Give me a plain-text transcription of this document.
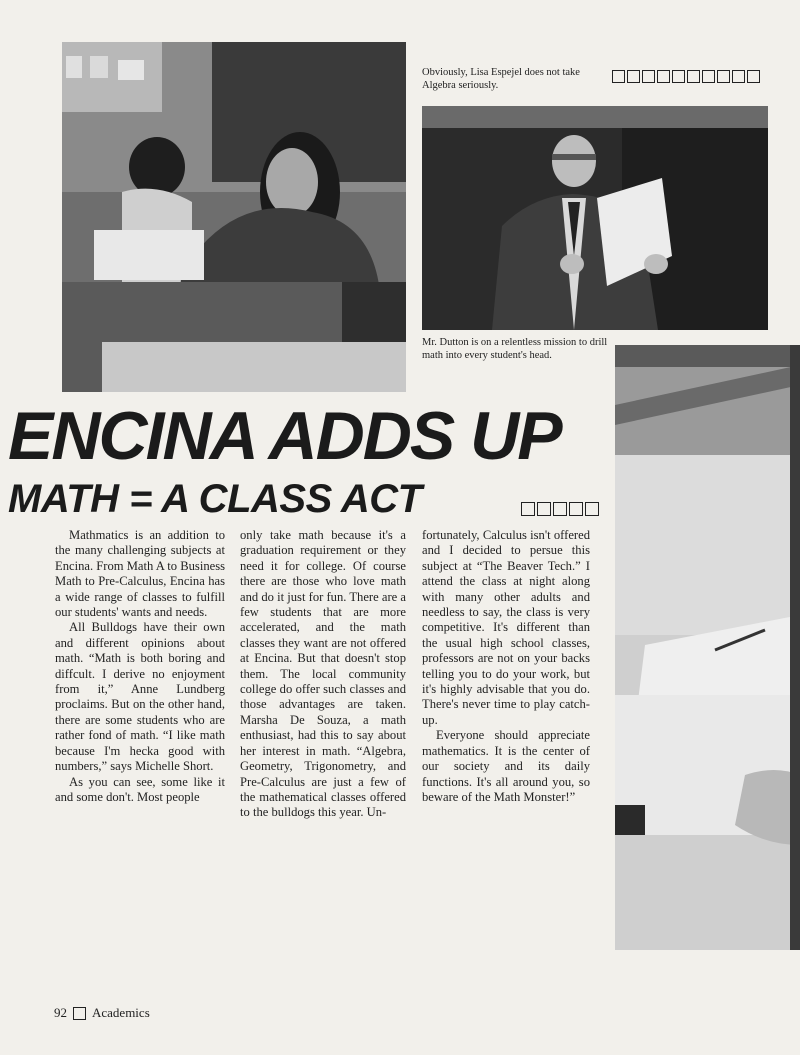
Obviously, Lisa Espejel does not take Algebra seriously.
Mr. Dutton is on a relentless mission to drill math into every student's head.
ENCINA ADDS UP
MATH = A CLASS ACT

Mathmatics is an addition to the many challenging subjects at Encina. From Math A to Business Math to Pre-Calculus, Encina has a wide range of classes to fulfill our students' wants and needs.

All Bulldogs have their own and different opinions about math. “Math is both boring and diffcult. I derive no enjoyment from it,” Anne Lundberg proclaims. But on the other hand, there are some students who are rather fond of math. “I like math because I'm hecka good with numbers,” says Michelle Short.

As you can see, some like it and some don't. Most people

only take math because it's a graduation requirement or they need it for college. Of course there are those who love math and do it just for fun. There are a few students that are more accelerated, and the math classes they want are not offered at Encina. But that doesn't stop them. The local community college do offer such classes and those advantages are taken. Marsha De Souza, a math enthusiast, had this to say about her interest in math. “Algebra, Geometry, Trigonometry, and Pre-Calculus are just a few of the mathematical classes offered to the bulldogs this year. Un-

fortunately, Calculus isn't offered and I decided to persue this subject at “The Beaver Tech.” I attend the class at night along with many other adults and needless to say, the class is very competitive. It's different than the usual high school classes, professors are not on your backs telling you to do your work, but it's highly advisable that you do. There's never time to play catch-up.

Everyone should appreciate mathematics. It is the center of our society and its daily functions. It's all around you, so beware of the Math Monster!”

92 Academics
